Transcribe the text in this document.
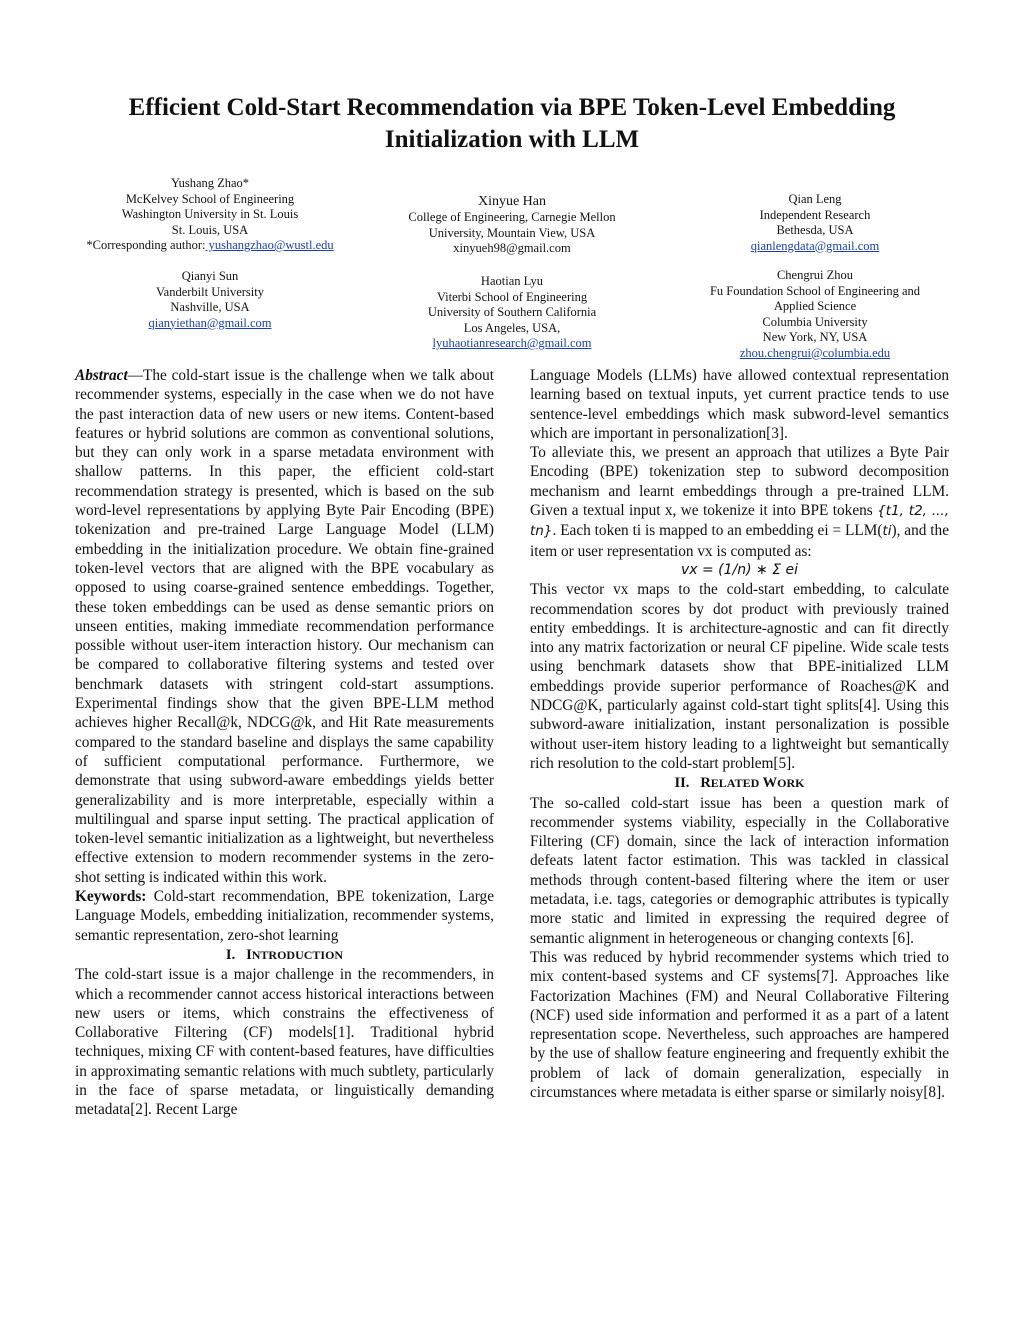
Efficient Cold-Start Recommendation via BPE Token-Level Embedding Initialization with LLM
Yushang Zhao*
McKelvey School of Engineering
Washington University in St. Louis
St. Louis, USA
*Corresponding author: yushangzhao@wustl.edu
Xinyue Han
College of Engineering, Carnegie Mellon
University, Mountain View, USA
xinyueh98@gmail.com
Qian Leng
Independent Research
Bethesda, USA
qianlengdata@gmail.com
Qianyi Sun
Vanderbilt University
Nashville, USA
qianyiethan@gmail.com
Haotian Lyu
Viterbi School of Engineering
University of Southern California
Los Angeles, USA,
lyuhaotianresearch@gmail.com
Chengrui Zhou
Fu Foundation School of Engineering and
Applied Science
Columbia University
New York, NY, USA
zhou.chengrui@columbia.edu

Abstract—The cold-start issue is the challenge when we talk about recommender systems, especially in the case when we do not have the past interaction data of new users or new items. Content-based features or hybrid solutions are common as conventional solutions, but they can only work in a sparse metadata environment with shallow patterns. In this paper, the efficient cold-start recommendation strategy is presented, which is based on the sub word-level representations by applying Byte Pair Encoding (BPE) tokenization and pre-trained Large Language Model (LLM) embedding in the initialization procedure. We obtain fine-grained token-level vectors that are aligned with the BPE vocabulary as opposed to using coarse-grained sentence embeddings. Together, these token embeddings can be used as dense semantic priors on unseen entities, making immediate recommendation performance possible without user-item interaction history. Our mechanism can be compared to collaborative filtering systems and tested over benchmark datasets with stringent cold-start assumptions. Experimental findings show that the given BPE-LLM method achieves higher Recall@k, NDCG@k, and Hit Rate measurements compared to the standard baseline and displays the same capability of sufficient computational performance. Furthermore, we demonstrate that using subword-aware embeddings yields better generalizability and is more interpretable, especially within a multilingual and sparse input setting. The practical application of token-level semantic initialization as a lightweight, but nevertheless effective extension to modern recommender systems in the zero-shot setting is indicated within this work.

Keywords: Cold-start recommendation, BPE tokenization, Large Language Models, embedding initialization, recommender systems, semantic representation, zero-shot learning

I. INTRODUCTION

The cold-start issue is a major challenge in the recommenders, in which a recommender cannot access historical interactions between new users or items, which constrains the effectiveness of Collaborative Filtering (CF) models[1]. Traditional hybrid techniques, mixing CF with content-based features, have difficulties in approximating semantic relations with much subtlety, particularly in the face of sparse metadata, or linguistically demanding metadata[2]. Recent Large

Language Models (LLMs) have allowed contextual representation learning based on textual inputs, yet current practice tends to use sentence-level embeddings which mask subword-level semantics which are important in personalization[3].

To alleviate this, we present an approach that utilizes a Byte Pair Encoding (BPE) tokenization step to subword decomposition mechanism and learnt embeddings through a pre-trained LLM. Given a textual input x, we tokenize it into BPE tokens {t1, t2, ..., tn}. Each token ti is mapped to an embedding ei = LLM(ti), and the item or user representation vx is computed as:

vx = (1/n) ∗ Σ ei

This vector vx maps to the cold-start embedding, to calculate recommendation scores by dot product with previously trained entity embeddings. It is architecture-agnostic and can fit directly into any matrix factorization or neural CF pipeline. Wide scale tests using benchmark datasets show that BPE-initialized LLM embeddings provide superior performance of Roaches@K and NDCG@K, particularly against cold-start tight splits[4]. Using this subword-aware initialization, instant personalization is possible without user-item history leading to a lightweight but semantically rich resolution to the cold-start problem[5].

II. RELATED WORK

The so-called cold-start issue has been a question mark of recommender systems viability, especially in the Collaborative Filtering (CF) domain, since the lack of interaction information defeats latent factor estimation. This was tackled in classical methods through content-based filtering where the item or user metadata, i.e. tags, categories or demographic attributes is typically more static and limited in expressing the required degree of semantic alignment in heterogeneous or changing contexts [6].

This was reduced by hybrid recommender systems which tried to mix content-based systems and CF systems[7]. Approaches like Factorization Machines (FM) and Neural Collaborative Filtering (NCF) used side information and performed it as a part of a latent representation scope. Nevertheless, such approaches are hampered by the use of shallow feature engineering and frequently exhibit the problem of lack of domain generalization, especially in circumstances where metadata is either sparse or similarly noisy[8].
